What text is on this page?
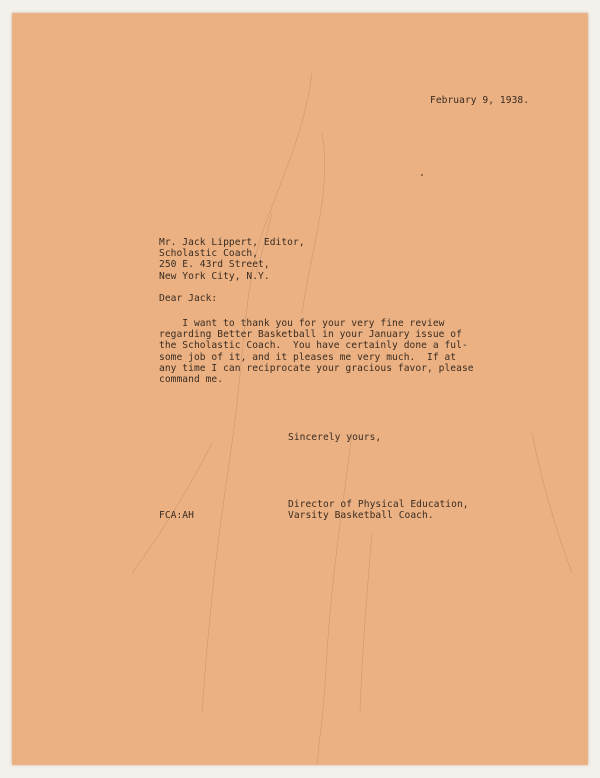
February 9, 1938.

Mr. Jack Lippert, Editor,
Scholastic Coach,
250 E. 43rd Street,
New York City, N.Y.

Dear Jack:

I want to thank you for your very fine review
regarding Better Basketball in your January issue of
the Scholastic Coach.  You have certainly done a ful-
some job of it, and it pleases me very much.  If at
any time I can reciprocate your gracious favor, please
command me.

Sincerely yours,

Director of Physical Education,
Varsity Basketball Coach.

FCA:AH
